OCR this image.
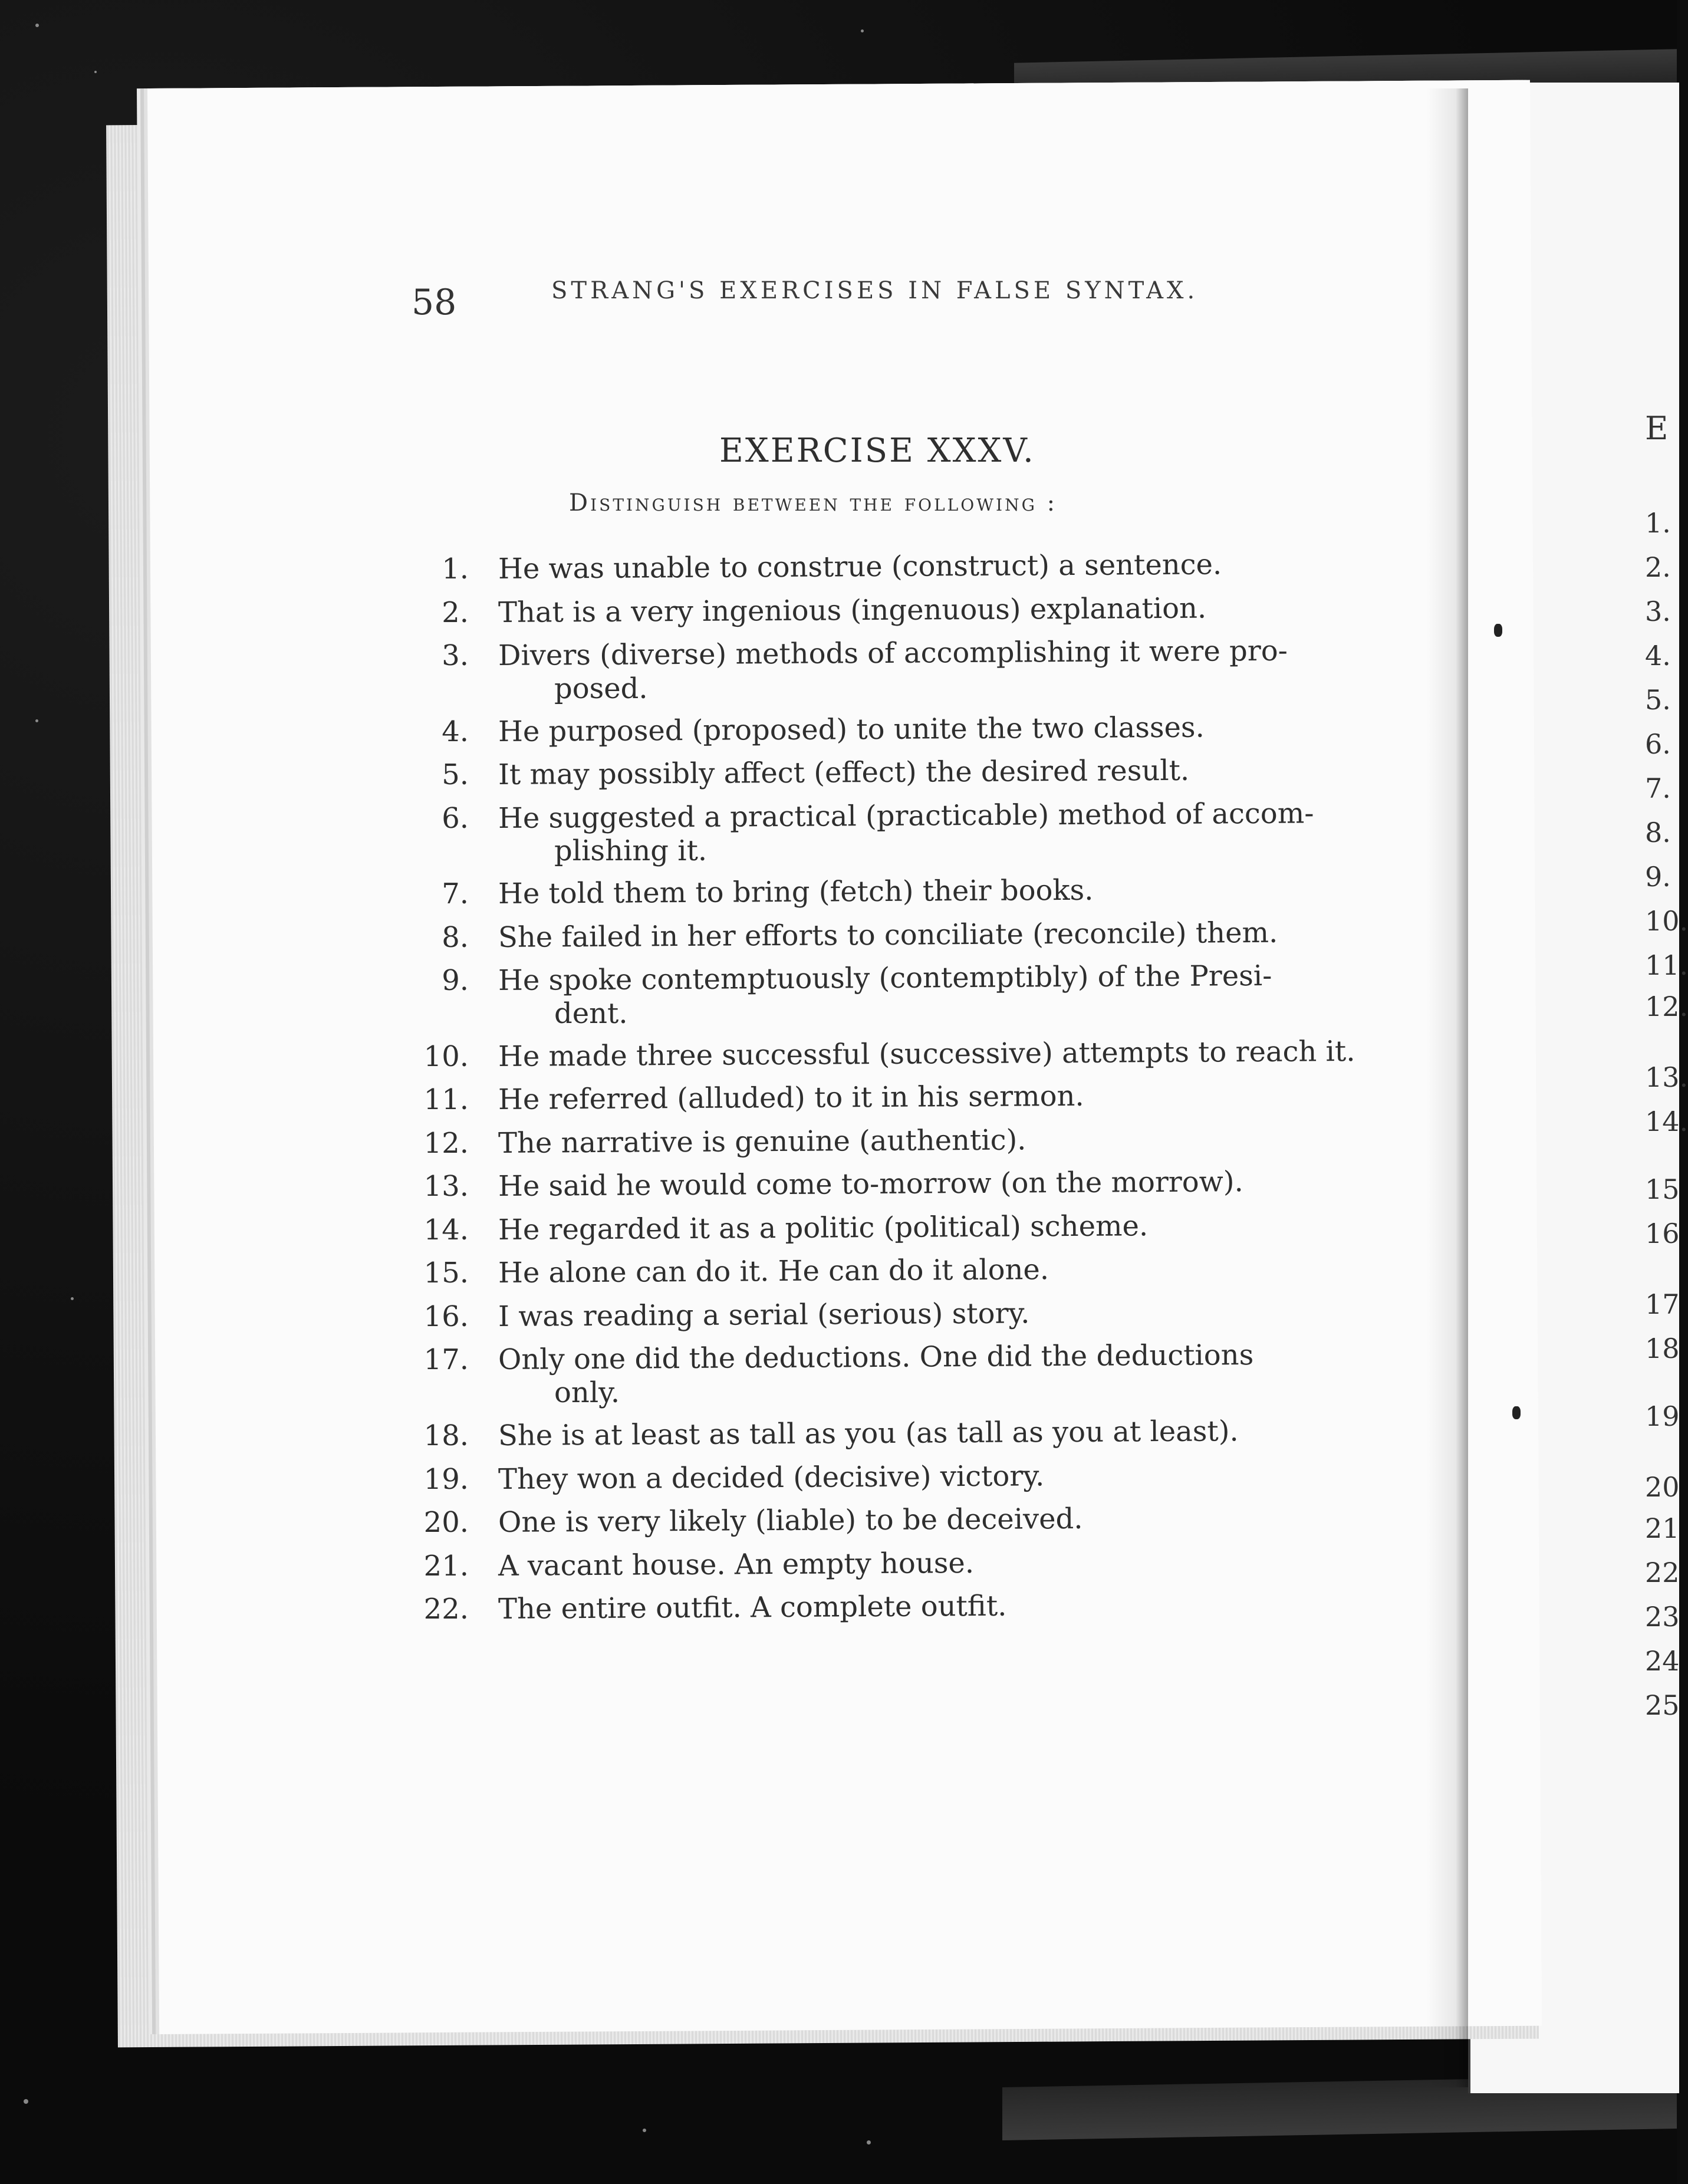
58	STRANG'S EXERCISES IN FALSE SYNTAX.
EXERCISE XXXV.
Distinguish between the following :
1. He was unable to construe (construct) a sentence.
2. That is a very ingenious (ingenuous) explanation.
3. Divers (diverse) methods of accomplishing it were pro-
posed.
4. He purposed (proposed) to unite the two classes.
5. It may possibly affect (effect) the desired result.
6. He suggested a practical (practicable) method of accom-
plishing it.
7. He told them to bring (fetch) their books.
8. She failed in her efforts to conciliate (reconcile) them.
9. He spoke contemptuously (contemptibly) of the Presi-
dent.
10. He made three successful (successive) attempts to reach it.
11. He referred (alluded) to it in his sermon.
12. The narrative is genuine (authentic).
13. He said he would come to-morrow (on the morrow).
14. He regarded it as a politic (political) scheme.
15. He alone can do it. He can do it alone.
16. I was reading a serial (serious) story.
17. Only one did the deductions. One did the deductions
only.
18. She is at least as tall as you (as tall as you at least).
19. They won a decided (decisive) victory.
20. One is very likely (liable) to be deceived.
21. A vacant house. An empty house.
22. The entire outfit. A complete outfit.
E
1.
2.
3.
4.
5.
6.
7.
8.
9.
10.
11.
12.
13.
14.
15
16
17
18
19
20
21
22
23
24
25
